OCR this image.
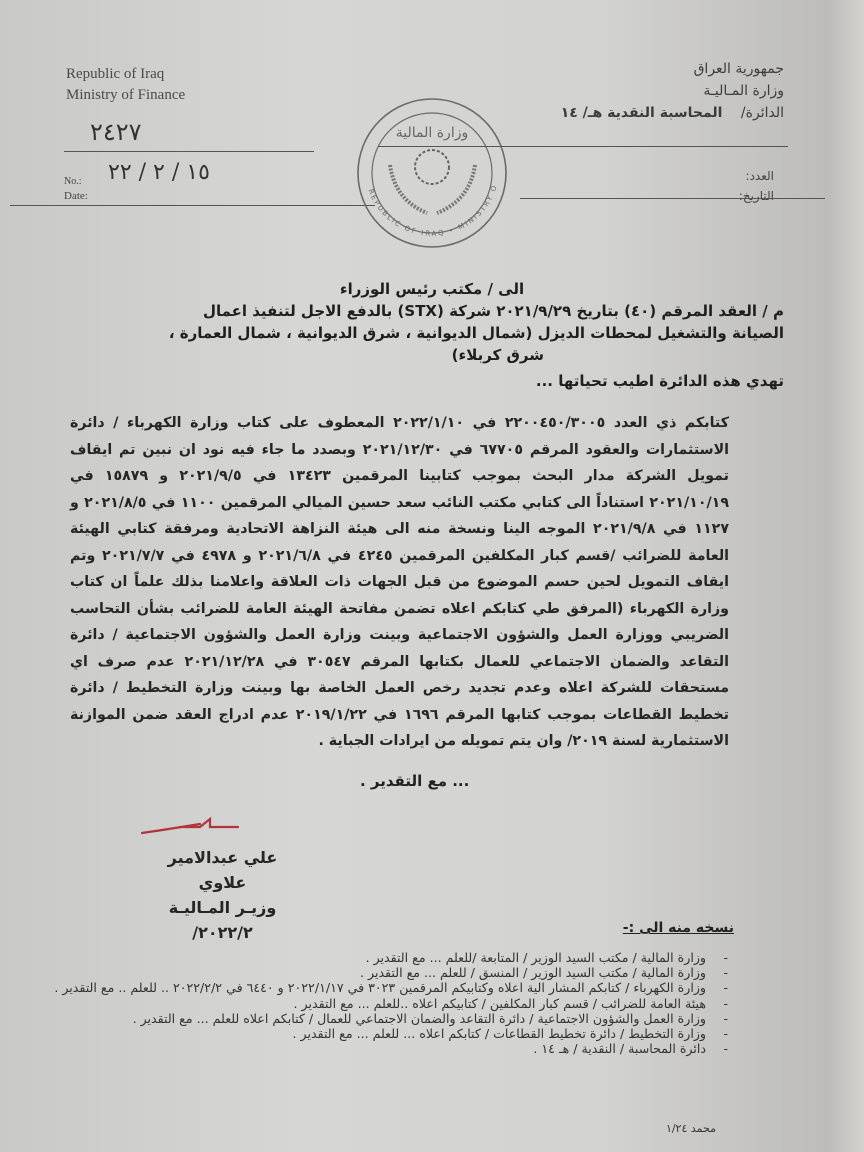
Republic of Iraq
Ministry of Finance
٢٤٢٧
١٥ / ٢ / ٢٢
No.:
Date:
وزارة المالية
REPUBLIC OF IRAQ • MINISTRY O
جمهورية العراق
وزارة المـاليـة
الدائرة/ المحاسبة النقدية هـ/ ١٤
العدد:
التاريخ:
الى / مكتب رئيس الوزراء
م / العقد المرقم (٤٠) بتاريخ ٢٠٢١/٩/٢٩ شركة (STX) بالدفع الاجل لتنفيذ اعمال
الصيانة والتشغيل لمحطات الديزل (شمال الديوانية ، شرق الديوانية ، شمال العمارة ،
شرق كربلاء)
تهدي هذه الدائرة اطيب تحياتها ...

كتابكم ذي العدد ٢٢٠٠٤٥٠/٣٠٠٥ في ٢٠٢٢/١/١٠ المعطوف على كتاب وزارة الكهرباء / دائرة الاستثمارات والعقود المرقم ٦٧٧٠٥ في ٢٠٢١/١٢/٣٠ وبصدد ما جاء فيه نود ان نبين تم ايقاف تمويل الشركة مدار البحث بموجب كتابينا المرقمين ١٣٤٢٣ في ٢٠٢١/٩/٥ و ١٥٨٧٩ في ٢٠٢١/١٠/١٩ استناداً الى كتابي مكتب النائب سعد حسين الميالي المرقمين ١١٠٠ في ٢٠٢١/٨/٥ و ١١٢٧ في ٢٠٢١/٩/٨ الموجه الينا ونسخة منه الى هيئة النزاهة الاتحادية ومرفقة كتابي الهيئة العامة للضرائب /قسم كبار المكلفين المرقمين ٤٢٤٥ في ٢٠٢١/٦/٨ و ٤٩٧٨ في ٢٠٢١/٧/٧ وتم ايقاف التمويل لحين حسم الموضوع من قبل الجهات ذات العلاقة واعلامنا بذلك علماً ان كتاب وزارة الكهرباء (المرفق طي كتابكم اعلاه تضمن مفاتحة الهيئة العامة للضرائب بشأن التحاسب الضريبي ووزارة العمل والشؤون الاجتماعية وبينت وزارة العمل والشؤون الاجتماعية / دائرة التقاعد والضمان الاجتماعي للعمال بكتابها المرقم ٣٠٥٤٧ في ٢٠٢١/١٢/٢٨ عدم صرف اي مستحقات للشركة اعلاه وعدم تجديد رخص العمل الخاصة بها وبينت وزارة التخطيط / دائرة تخطيط القطاعات بموجب كتابها المرقم ١٦٩٦ في ٢٠١٩/١/٢٢ عدم ادراج العقد ضمن الموازنة الاستثمارية لسنة ٢٠١٩/ وان يتم تمويله من ايرادات الجباية .

... مع التقدير .
علي عبدالامير علاوي
وزيـر المـاليـة
٢٠٢٢/٢/	نسخه منه الى :-
-
وزارة المالية / مكتب السيد الوزير / المتابعة /للعلم ... مع التقدير .
-
وزارة المالية / مكتب السيد الوزير / المنسق / للعلم ... مع التقدير .
-
وزارة الكهرباء / كتابكم المشار الية اعلاه وكتابيكم المرقمين ٣٠٢٣ في ٢٠٢٢/١/١٧ و ٦٤٤٠ في ٢٠٢٢/٢/٢ .. للعلم .. مع التقدير .
-
هيئة العامة للضرائب / قسم كبار المكلفين / كتابيكم اعلاه ..للعلم ... مع التقدير .
-
وزارة العمل والشؤون الاجتماعية / دائرة التقاعد والضمان الاجتماعي للعمال / كتابكم اعلاه للعلم ... مع التقدير .
-
وزارة التخطيط / دائرة تخطيط القطاعات / كتابكم اعلاه ... للعلم ... مع التقدير .
-
دائرة المحاسبة / النقدية / هـ ١٤ .
محمد ١/٢٤
